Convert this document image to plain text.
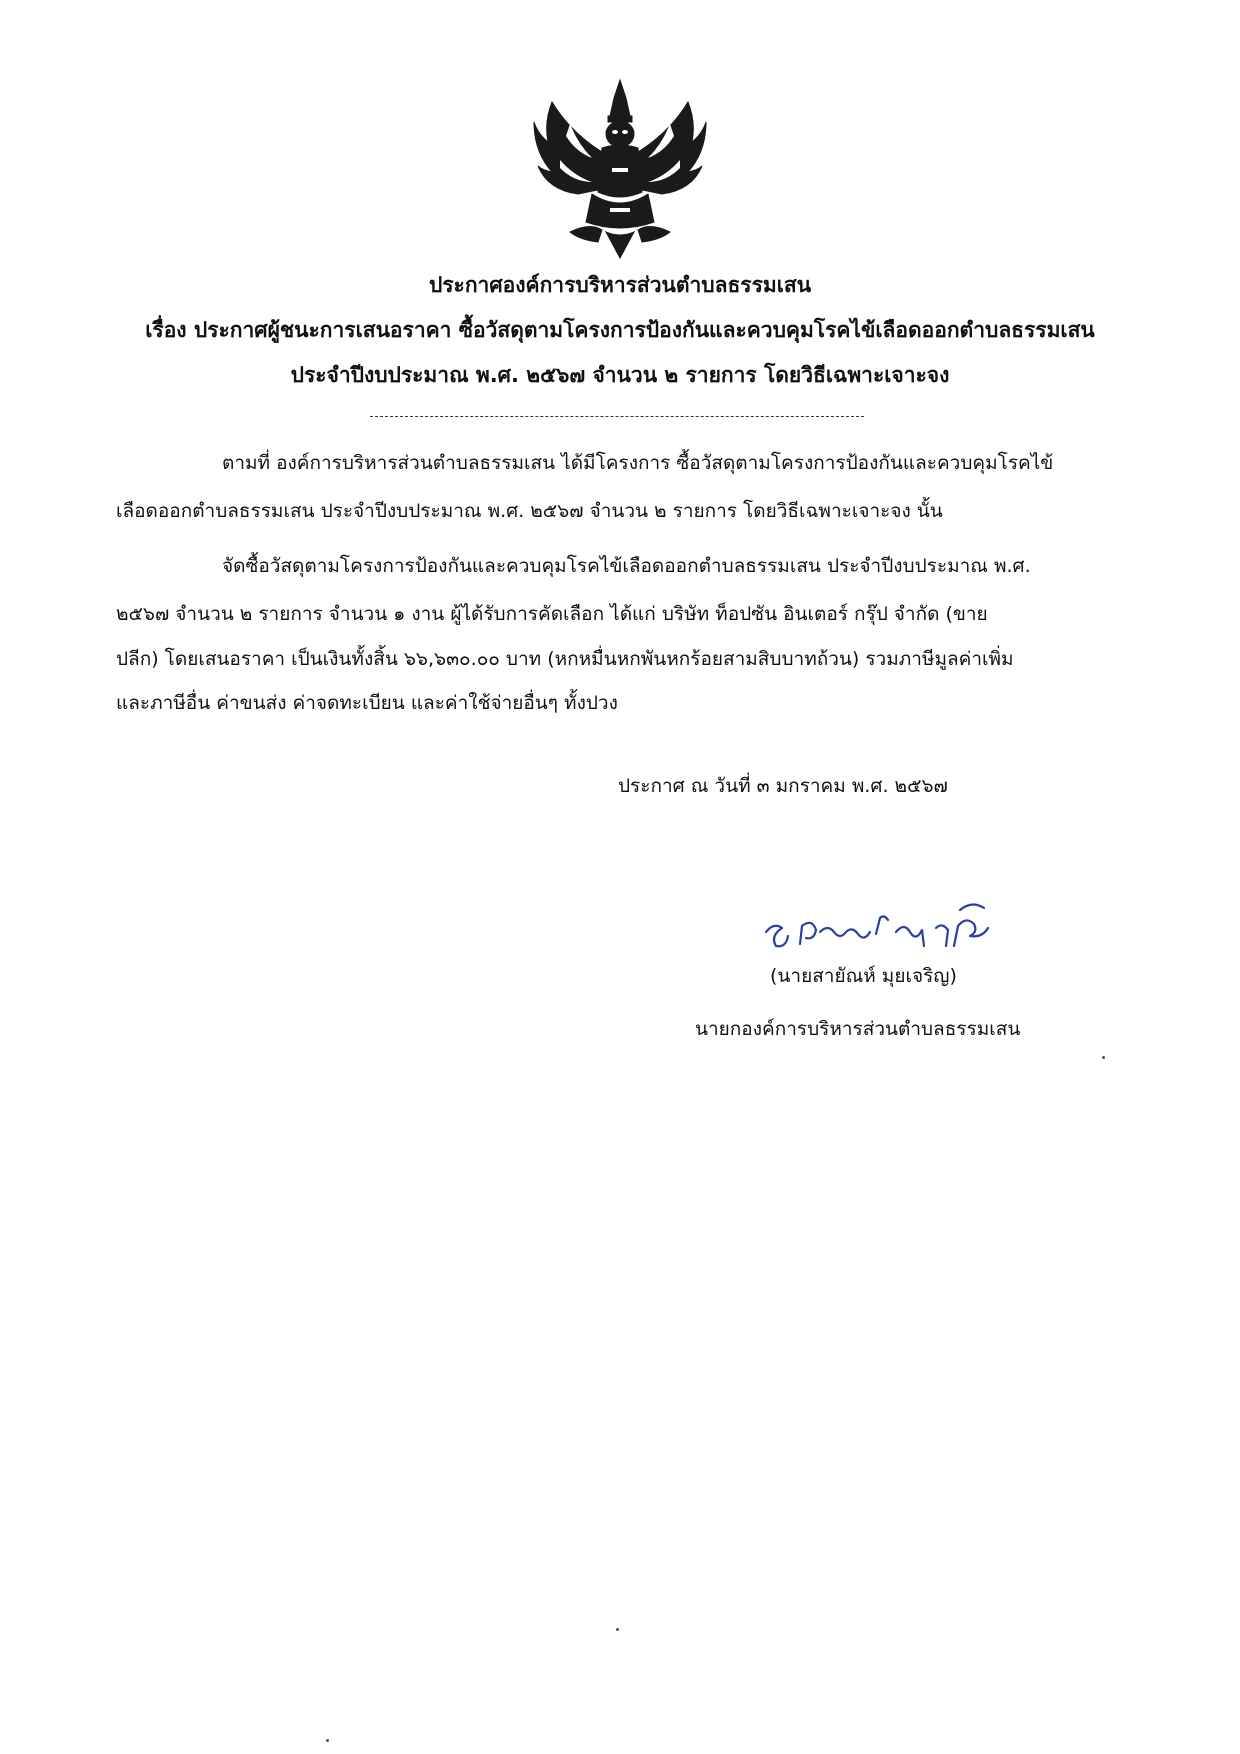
ประกาศองค์การบริหารส่วนตำบลธรรมเสน
เรื่อง ประกาศผู้ชนะการเสนอราคา ซื้อวัสดุตามโครงการป้องกันและควบคุมโรคไข้เลือดออกตำบลธรรมเสน
ประจำปีงบประมาณ พ.ศ. ๒๕๖๗ จำนวน ๒ รายการ โดยวิธีเฉพาะเจาะจง
ตามที่ องค์การบริหารส่วนตำบลธรรมเสน ได้มีโครงการ ซื้อวัสดุตามโครงการป้องกันและควบคุมโรคไข้
เลือดออกตำบลธรรมเสน ประจำปีงบประมาณ พ.ศ. ๒๕๖๗ จำนวน ๒ รายการ โดยวิธีเฉพาะเจาะจง นั้น
จัดซื้อวัสดุตามโครงการป้องกันและควบคุมโรคไข้เลือดออกตำบลธรรมเสน ประจำปีงบประมาณ พ.ศ.
๒๕๖๗ จำนวน ๒ รายการ จำนวน ๑ งาน ผู้ได้รับการคัดเลือก ได้แก่ บริษัท ท็อปซัน อินเตอร์ กรุ๊ป จำกัด (ขาย
ปลีก) โดยเสนอราคา เป็นเงินทั้งสิ้น ๖๖,๖๓๐.๐๐ บาท (หกหมื่นหกพันหกร้อยสามสิบบาทถ้วน) รวมภาษีมูลค่าเพิ่ม
และภาษีอื่น ค่าขนส่ง ค่าจดทะเบียน และค่าใช้จ่ายอื่นๆ ทั้งปวง
ประกาศ ณ วันที่ ๓ มกราคม พ.ศ. ๒๕๖๗
(นายสายัณห์ มุยเจริญ)
นายกองค์การบริหารส่วนตำบลธรรมเสน
